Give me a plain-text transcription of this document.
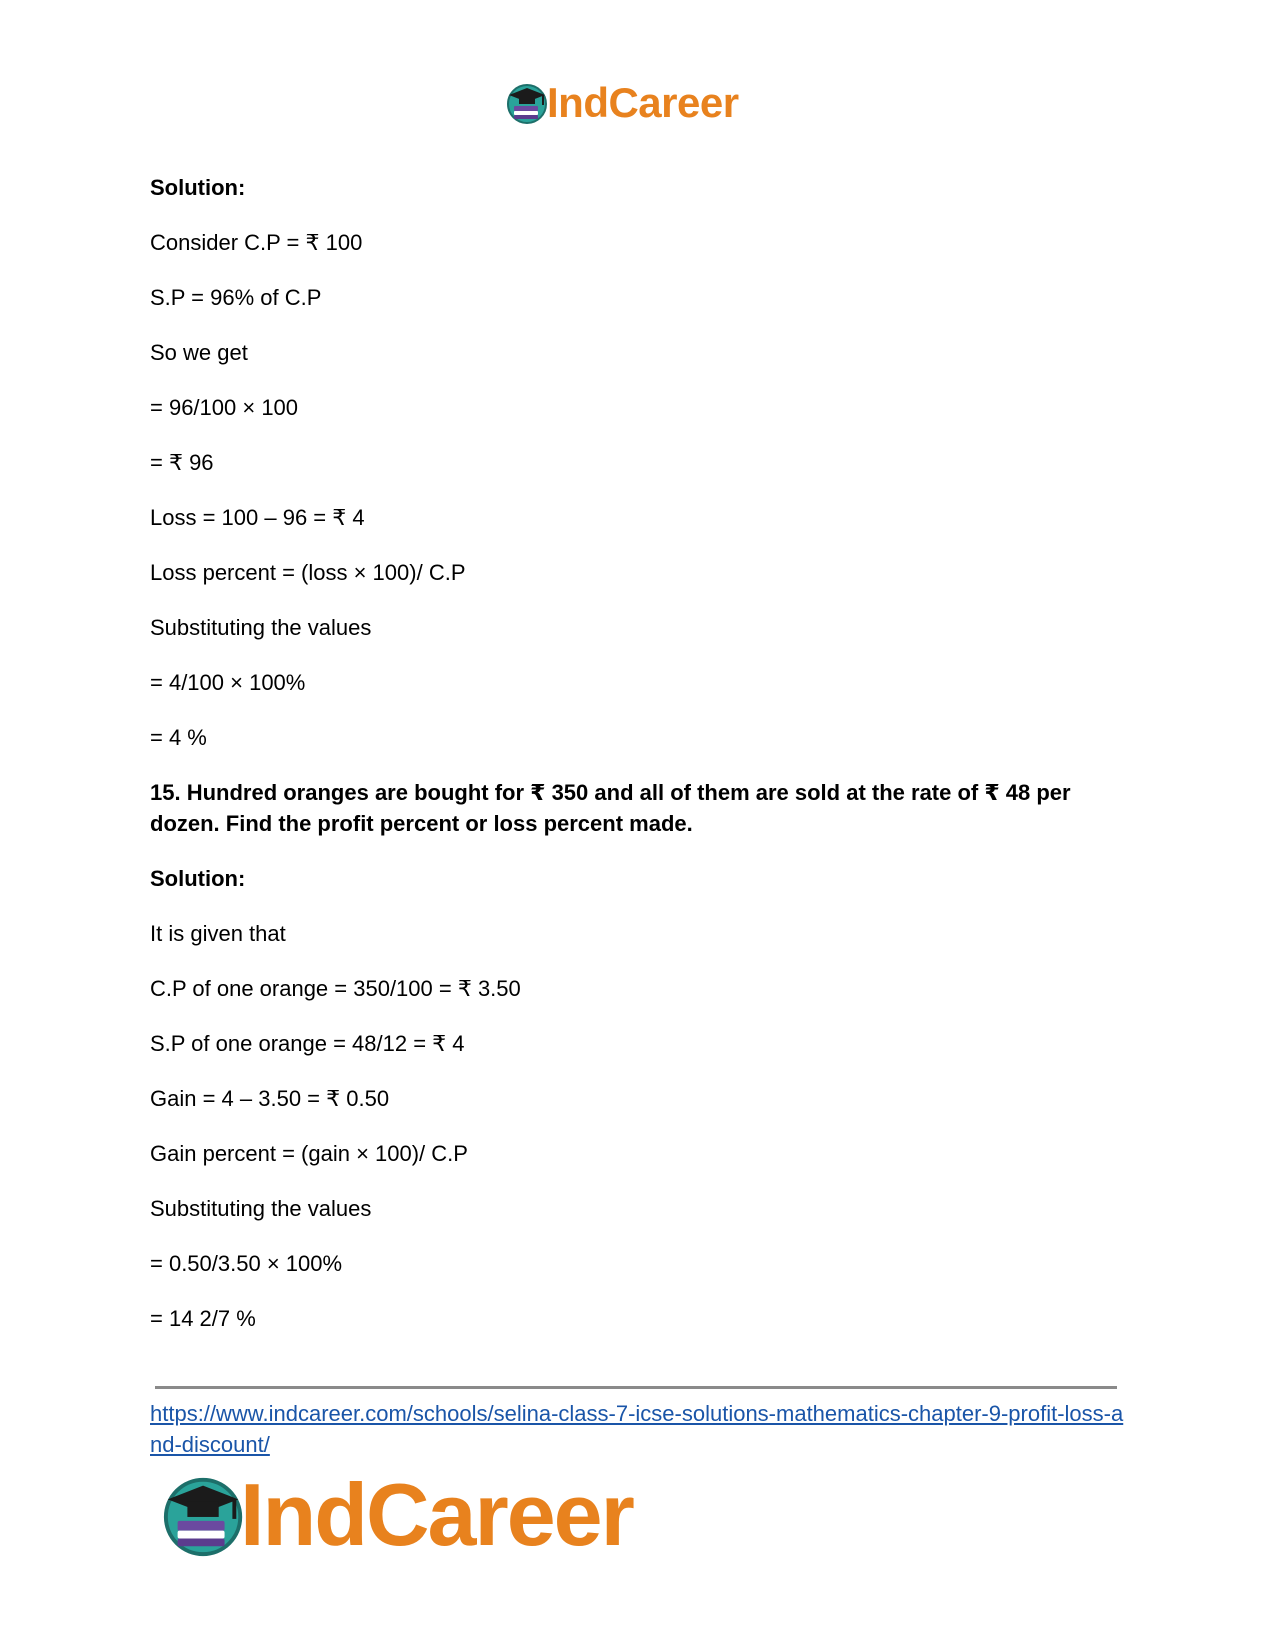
IndCareer

Solution:

Consider C.P = ₹ 100

S.P = 96% of C.P

So we get

= 96/100 × 100

= ₹ 96

Loss = 100 – 96 = ₹ 4

Loss percent = (loss × 100)/ C.P

Substituting the values

= 4/100 × 100%

= 4 %

15. Hundred oranges are bought for ₹ 350 and all of them are sold at the rate of ₹ 48 per dozen. Find the profit percent or loss percent made.

Solution:

It is given that

C.P of one orange = 350/100 = ₹ 3.50

S.P of one orange = 48/12 = ₹ 4

Gain = 4 – 3.50 = ₹ 0.50

Gain percent = (gain × 100)/ C.P

Substituting the values

= 0.50/3.50 × 100%

= 14 2/7 %

https://www.indcareer.com/schools/selina-class-7-icse-solutions-mathematics-chapter-9-profit-loss-and-discount/
IndCareer
